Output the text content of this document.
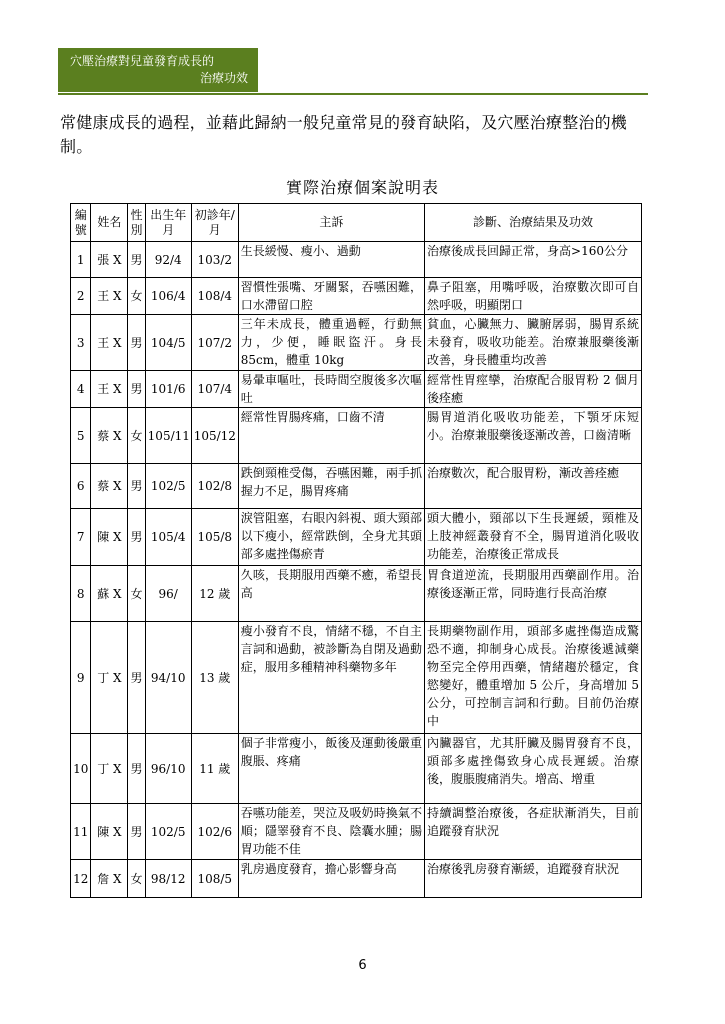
穴壓治療對兒童發育成長的
治療功效
常健康成長的過程，並藉此歸納一般兒童常見的發育缺陷，及穴壓治療整治的機制。
實際治療個案說明表
編號	姓名	性別	出生年月	初診年/月	主訴	診斷、治療結果及功效
1	張 X	男	92/4	103/2	生長緩慢、瘦小、過動	治療後成長回歸正常，身高>160公分
2	王 X	女	106/4	108/4	習慣性張嘴、牙關緊，吞嚥困難，口水滯留口腔	鼻子阻塞，用嘴呼吸，治療數次即可自然呼吸，明顯閉口
3	王 X	男	104/5	107/2	三年未成長，體重過輕，行動無力，少便，睡眠盜汗。身長85cm，體重 10kg	貧血，心臟無力、臟腑孱弱，腸胃系統未發育，吸收功能差。治療兼服藥後漸改善，身長體重均改善
4	王 X	男	101/6	107/4	易暈車嘔吐，長時間空腹後多次嘔吐	經常性胃痙攣，治療配合服胃粉 2 個月後痊癒
5	蔡 X	女	105/11	105/12	經常性胃腸疼痛，口齒不清	腸胃道消化吸收功能差，下顎牙床短小。治療兼服藥後逐漸改善，口齒清晰
6	蔡 X	男	102/5	102/8	跌倒頸椎受傷，吞嚥困難，兩手抓握力不足，腸胃疼痛	治療數次，配合服胃粉，漸改善痊癒
7	陳 X	男	105/4	105/8	淚管阻塞，右眼內斜視、頭大頸部以下瘦小，經常跌倒，全身尤其頭部多處挫傷瘀青	頭大體小，頸部以下生長遲緩，頸椎及上肢神經叢發育不全，腸胃道消化吸收功能差，治療後正常成長
8	蘇 X	女	96/	12 歲	久咳，長期服用西藥不癒，希望長高	胃食道逆流，長期服用西藥副作用。治療後逐漸正常，同時進行長高治療
9	丁 X	男	94/10	13 歲	瘦小發育不良，情緒不穩，不自主言詞和過動，被診斷為自閉及過動症，服用多種精神科藥物多年	長期藥物副作用，頭部多處挫傷造成驚恐不適，抑制身心成長。治療後遞減藥物至完全停用西藥，情緒趨於穩定，食慾變好，體重增加 5 公斤，身高增加 5 公分，可控制言詞和行動。目前仍治療中
10	丁 X	男	96/10	11 歲	個子非常瘦小，飯後及運動後嚴重腹脹、疼痛	內臟器官，尤其肝臟及腸胃發育不良，頭部多處挫傷致身心成長遲緩。治療後，腹脹腹痛消失。增高、增重
11	陳 X	男	102/5	102/6	吞嚥功能差，哭泣及吸奶時換氣不順；隱睪發育不良、陰囊水腫；腸胃功能不佳	持續調整治療後，各症狀漸消失，目前追蹤發育狀況
12	詹 X	女	98/12	108/5	乳房過度發育，擔心影響身高	治療後乳房發育漸緩，追蹤發育狀況
6
